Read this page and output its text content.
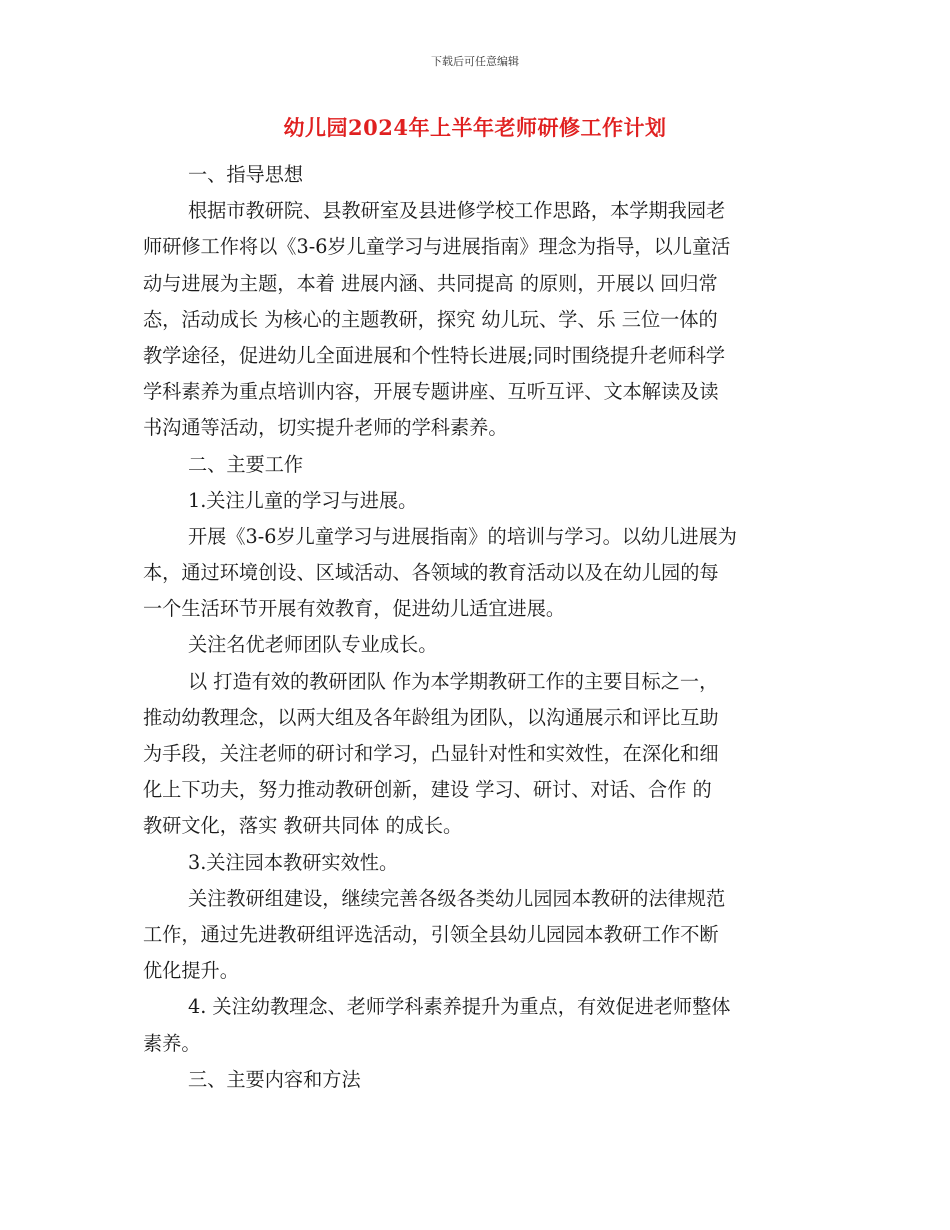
下载后可任意编辑
幼儿园2024年上半年老师研修工作计划
一、指导思想
根据市教研院、县教研室及县进修学校工作思路，本学期我园老
师研修工作将以《3-6岁儿童学习与进展指南》理念为指导，以儿童活
动与进展为主题，本着 进展内涵、共同提高 的原则，开展以 回归常
态，活动成长 为核心的主题教研，探究 幼儿玩、学、乐 三位一体的
教学途径，促进幼儿全面进展和个性特长进展;同时围绕提升老师科学
学科素养为重点培训内容，开展专题讲座、互听互评、文本解读及读
书沟通等活动，切实提升老师的学科素养。
二、主要工作
1.关注儿童的学习与进展。
开展《3-6岁儿童学习与进展指南》的培训与学习。以幼儿进展为
本，通过环境创设、区域活动、各领域的教育活动以及在幼儿园的每
一个生活环节开展有效教育，促进幼儿适宜进展。
关注名优老师团队专业成长。
以 打造有效的教研团队 作为本学期教研工作的主要目标之一，
推动幼教理念，以两大组及各年龄组为团队，以沟通展示和评比互助
为手段，关注老师的研讨和学习，凸显针对性和实效性，在深化和细
化上下功夫，努力推动教研创新，建设 学习、研讨、对话、合作 的
教研文化，落实 教研共同体 的成长。
3.关注园本教研实效性。
关注教研组建设，继续完善各级各类幼儿园园本教研的法律规范
工作，通过先进教研组评选活动，引领全县幼儿园园本教研工作不断
优化提升。
4. 关注幼教理念、老师学科素养提升为重点，有效促进老师整体
素养。
三、主要内容和方法
